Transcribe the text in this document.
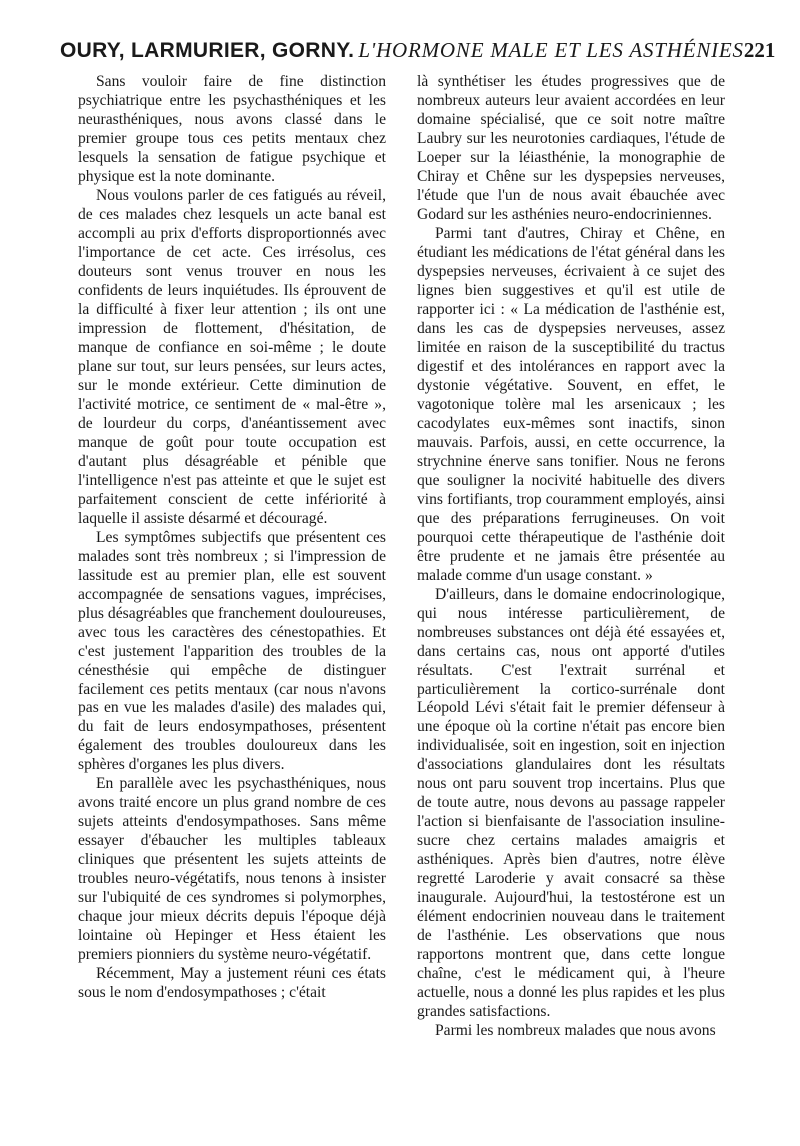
OURY, LARMURIER, GORNY. L'HORMONE MALE ET LES ASTHÉNIES 221

Sans vouloir faire de fine distinction psychiatrique entre les psychasthéniques et les neurasthéniques, nous avons classé dans le premier groupe tous ces petits mentaux chez lesquels la sensation de fatigue psychique et physique est la note dominante.

Nous voulons parler de ces fatigués au réveil, de ces malades chez lesquels un acte banal est accompli au prix d'efforts disproportionnés avec l'importance de cet acte. Ces irrésolus, ces douteurs sont venus trouver en nous les confidents de leurs inquiétudes. Ils éprouvent de la difficulté à fixer leur attention ; ils ont une impression de flottement, d'hésitation, de manque de confiance en soi-même ; le doute plane sur tout, sur leurs pensées, sur leurs actes, sur le monde extérieur. Cette diminution de l'activité motrice, ce sentiment de « mal-être », de lourdeur du corps, d'anéantissement avec manque de goût pour toute occupation est d'autant plus désagréable et pénible que l'intelligence n'est pas atteinte et que le sujet est parfaitement conscient de cette infériorité à laquelle il assiste désarmé et découragé.

Les symptômes subjectifs que présentent ces malades sont très nombreux ; si l'impression de lassitude est au premier plan, elle est souvent accompagnée de sensations vagues, imprécises, plus désagréables que franchement douloureuses, avec tous les caractères des cénestopathies. Et c'est justement l'apparition des troubles de la cénesthésie qui empêche de distinguer facilement ces petits mentaux (car nous n'avons pas en vue les malades d'asile) des malades qui, du fait de leurs endosympathoses, présentent également des troubles douloureux dans les sphères d'organes les plus divers.

En parallèle avec les psychasthéniques, nous avons traité encore un plus grand nombre de ces sujets atteints d'endosympathoses. Sans même essayer d'ébaucher les multiples tableaux cliniques que présentent les sujets atteints de troubles neuro-végétatifs, nous tenons à insister sur l'ubiquité de ces syndromes si polymorphes, chaque jour mieux décrits depuis l'époque déjà lointaine où Hepinger et Hess étaient les premiers pionniers du système neuro-végétatif.

Récemment, May a justement réuni ces états sous le nom d'endosympathoses ; c'était

là synthétiser les études progressives que de nombreux auteurs leur avaient accordées en leur domaine spécialisé, que ce soit notre maître Laubry sur les neurotonies cardiaques, l'étude de Loeper sur la léiasthénie, la monographie de Chiray et Chêne sur les dyspepsies nerveuses, l'étude que l'un de nous avait ébauchée avec Godard sur les asthénies neuro-endocriniennes.

Parmi tant d'autres, Chiray et Chêne, en étudiant les médications de l'état général dans les dyspepsies nerveuses, écrivaient à ce sujet des lignes bien suggestives et qu'il est utile de rapporter ici : « La médication de l'asthénie est, dans les cas de dyspepsies nerveuses, assez limitée en raison de la susceptibilité du tractus digestif et des intolérances en rapport avec la dystonie végétative. Souvent, en effet, le vagotonique tolère mal les arsenicaux ; les cacodylates eux-mêmes sont inactifs, sinon mauvais. Parfois, aussi, en cette occurrence, la strychnine énerve sans tonifier. Nous ne ferons que souligner la nocivité habituelle des divers vins fortifiants, trop couramment employés, ainsi que des préparations ferrugineuses. On voit pourquoi cette thérapeutique de l'asthénie doit être prudente et ne jamais être présentée au malade comme d'un usage constant. »

D'ailleurs, dans le domaine endocrinologique, qui nous intéresse particulièrement, de nombreuses substances ont déjà été essayées et, dans certains cas, nous ont apporté d'utiles résultats. C'est l'extrait surrénal et particulièrement la cortico-surrénale dont Léopold Lévi s'était fait le premier défenseur à une époque où la cortine n'était pas encore bien individualisée, soit en ingestion, soit en injection d'associations glandulaires dont les résultats nous ont paru souvent trop incertains. Plus que de toute autre, nous devons au passage rappeler l'action si bienfaisante de l'association insuline-sucre chez certains malades amaigris et asthéniques. Après bien d'autres, notre élève regretté Laroderie y avait consacré sa thèse inaugurale. Aujourd'hui, la testostérone est un élément endocrinien nouveau dans le traitement de l'asthénie. Les observations que nous rapportons montrent que, dans cette longue chaîne, c'est le médicament qui, à l'heure actuelle, nous a donné les plus rapides et les plus grandes satisfactions.

Parmi les nombreux malades que nous avons
